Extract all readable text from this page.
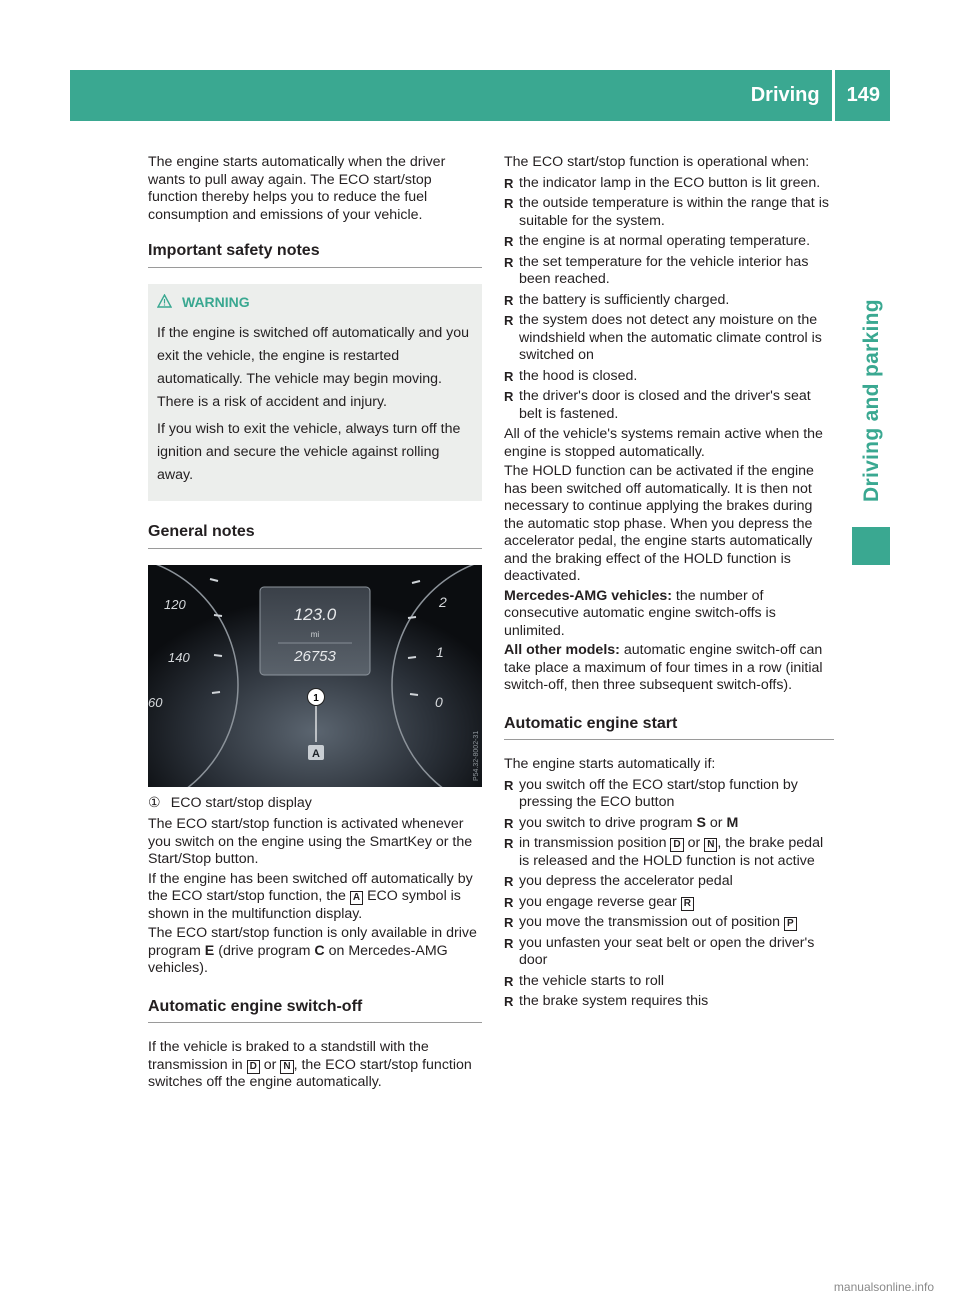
Driving	149
Driving and parking

The engine starts automatically when the driver wants to pull away again. The ECO start/stop function thereby helps you to reduce the fuel consumption and emissions of your vehicle.

Important safety notes
WARNING

If the engine is switched off automatically and you exit the vehicle, the engine is restarted automatically. The vehicle may begin moving. There is a risk of accident and injury.

If you wish to exit the vehicle, always turn off the ignition and secure the vehicle against rolling away.

General notes
123.0
mi
26753
120
140
60
2
1
0
1
A	P54.32-8002-31
① ECO start/stop display

The ECO start/stop function is activated whenever you switch on the engine using the SmartKey or the Start/Stop button.

If the engine has been switched off automatically by the ECO start/stop function, the A ECO symbol is shown in the multifunction display.

The ECO start/stop function is only available in drive program E (drive program C on Mercedes-AMG vehicles).

Automatic engine switch-off

If the vehicle is braked to a standstill with the transmission in D or N , the ECO start/stop function switches off the engine automatically.

The ECO start/stop function is operational when:

R the indicator lamp in the ECO button is lit green.
R the outside temperature is within the range that is suitable for the system.
R the engine is at normal operating temperature.
R the set temperature for the vehicle interior has been reached.
R the battery is sufficiently charged.
R the system does not detect any moisture on the windshield when the automatic climate control is switched on
R the hood is closed.
R the driver's door is closed and the driver's seat belt is fastened.

All of the vehicle's systems remain active when the engine is stopped automatically.

The HOLD function can be activated if the engine has been switched off automatically. It is then not necessary to continue applying the brakes during the automatic stop phase. When you depress the accelerator pedal, the engine starts automatically and the braking effect of the HOLD function is deactivated.

Mercedes-AMG vehicles: the number of consecutive automatic engine switch-offs is unlimited.

All other models: automatic engine switch-off can take place a maximum of four times in a row (initial switch-off, then three subsequent switch-offs).

Automatic engine start

The engine starts automatically if:

R you switch off the ECO start/stop function by pressing the ECO button
R you switch to drive program S or M
R in transmission position D or N , the brake pedal is released and the HOLD function is not active
R you depress the accelerator pedal
R you engage reverse gear R
R you move the transmission out of position P
R you unfasten your seat belt or open the driver's door
R the vehicle starts to roll
R the brake system requires this
manualsonline.info
